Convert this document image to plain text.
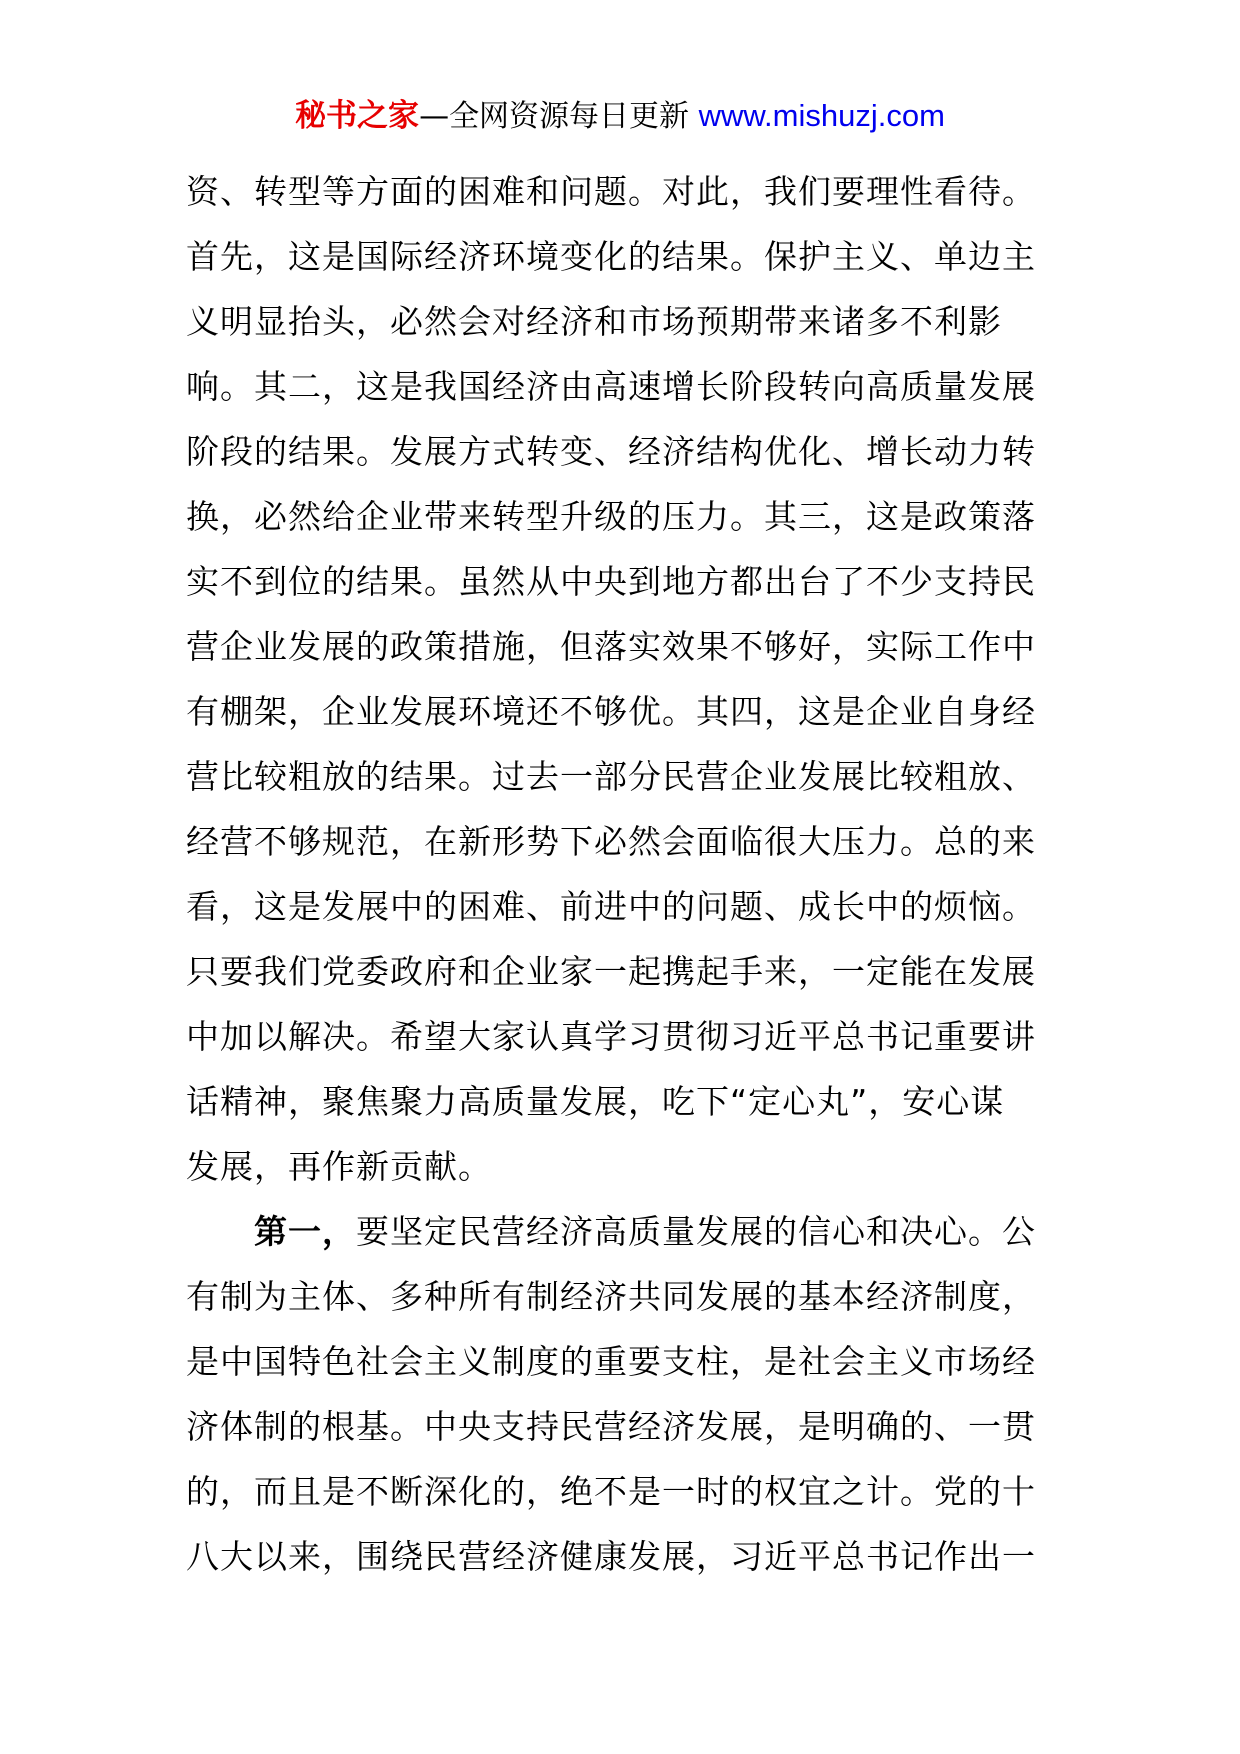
秘书之家—全网资源每日更新 www.mishuzj.com
资、转型等方面的困难和问题。对此，我们要理性看待。
首先，这是国际经济环境变化的结果。保护主义、单边主
义明显抬头，必然会对经济和市场预期带来诸多不利影
响。其二，这是我国经济由高速增长阶段转向高质量发展
阶段的结果。发展方式转变、经济结构优化、增长动力转
换，必然给企业带来转型升级的压力。其三，这是政策落
实不到位的结果。虽然从中央到地方都出台了不少支持民
营企业发展的政策措施，但落实效果不够好，实际工作中
有棚架，企业发展环境还不够优。其四，这是企业自身经
营比较粗放的结果。过去一部分民营企业发展比较粗放、
经营不够规范，在新形势下必然会面临很大压力。总的来
看，这是发展中的困难、前进中的问题、成长中的烦恼。
只要我们党委政府和企业家一起携起手来，一定能在发展
中加以解决。希望大家认真学习贯彻习近平总书记重要讲
话精神，聚焦聚力高质量发展，吃下“定心丸”，安心谋
发展，再作新贡献。
第一，要坚定民营经济高质量发展的信心和决心。公
有制为主体、多种所有制经济共同发展的基本经济制度，
是中国特色社会主义制度的重要支柱，是社会主义市场经
济体制的根基。中央支持民营经济发展，是明确的、一贯
的，而且是不断深化的，绝不是一时的权宜之计。党的十
八大以来，围绕民营经济健康发展，习近平总书记作出一
